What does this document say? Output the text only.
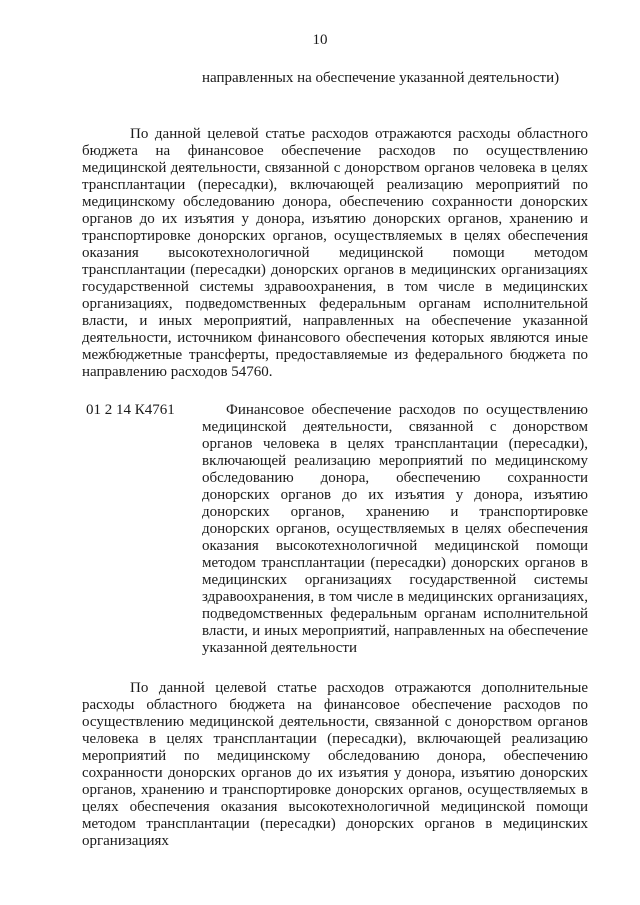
10
направленных на обеспечение указанной деятельности)
По данной целевой статье расходов отражаются расходы областного бюджета на финансовое обеспечение расходов по осуществлению медицинской деятельности, связанной с донорством органов человека в целях трансплантации (пересадки), включающей реализацию мероприятий по медицинскому обследованию донора, обеспечению сохранности донорских органов до их изъятия у донора, изъятию донорских органов, хранению и транспортировке донорских органов, осуществляемых в целях обеспечения оказания высокотехнологичной медицинской помощи методом трансплантации (пересадки) донорских органов в медицинских организациях государственной системы здравоохранения, в том числе в медицинских организациях, подведомственных федеральным органам исполнительной власти, и иных мероприятий, направленных на обеспечение указанной деятельности, источником финансового обеспечения которых являются иные межбюджетные трансферты, предоставляемые из федерального бюджета по направлению расходов 54760.
01 2 14 К4761	Финансовое обеспечение расходов по осуществлению медицинской деятельности, связанной с донорством органов человека в целях трансплантации (пересадки), включающей реализацию мероприятий по медицинскому обследованию донора, обеспечению сохранности донорских органов до их изъятия у донора, изъятию донорских органов, хранению и транспортировке донорских органов, осуществляемых в целях обеспечения оказания высокотехнологичной медицинской помощи методом трансплантации (пересадки) донорских органов в медицинских организациях государственной системы здравоохранения, в том числе в медицинских организациях, подведомственных федеральным органам исполнительной власти, и иных мероприятий, направленных на обеспечение указанной деятельности
По данной целевой статье расходов отражаются дополнительные расходы областного бюджета на финансовое обеспечение расходов по осуществлению медицинской деятельности, связанной с донорством органов человека в целях трансплантации (пересадки), включающей реализацию мероприятий по медицинскому обследованию донора, обеспечению сохранности донорских органов до их изъятия у донора, изъятию донорских органов, хранению и транспортировке донорских органов, осуществляемых в целях обеспечения оказания высокотехнологичной медицинской помощи методом трансплантации (пересадки) донорских органов в медицинских организациях
